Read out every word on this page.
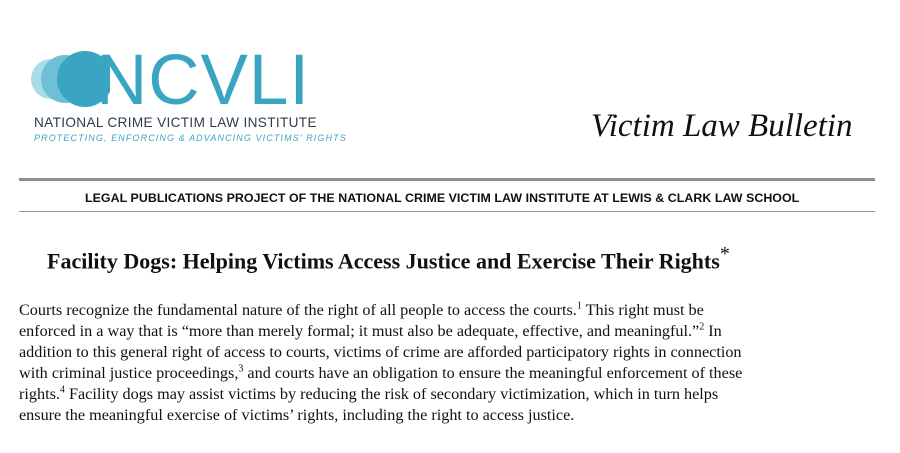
NCVLI
NATIONAL CRIME VICTIM LAW INSTITUTE
PROTECTING, ENFORCING & ADVANCING VICTIMS' RIGHTS	Victim Law Bulletin
LEGAL PUBLICATIONS PROJECT OF THE NATIONAL CRIME VICTIM LAW INSTITUTE AT LEWIS & CLARK LAW SCHOOL
Facility Dogs: Helping Victims Access Justice and Exercise Their Rights*
Courts recognize the fundamental nature of the right of all people to access the courts.$^1$ This right must be
enforced in a way that is “more than merely formal; it must also be adequate, effective, and meaningful.”$^2$ In
addition to this general right of access to courts, victims of crime are afforded participatory rights in connection
with criminal justice proceedings,$^3$ and courts have an obligation to ensure the meaningful enforcement of these
rights.$^4$ Facility dogs may assist victims by reducing the risk of secondary victimization, which in turn helps
ensure the meaningful exercise of victims’ rights, including the right to access justice.
